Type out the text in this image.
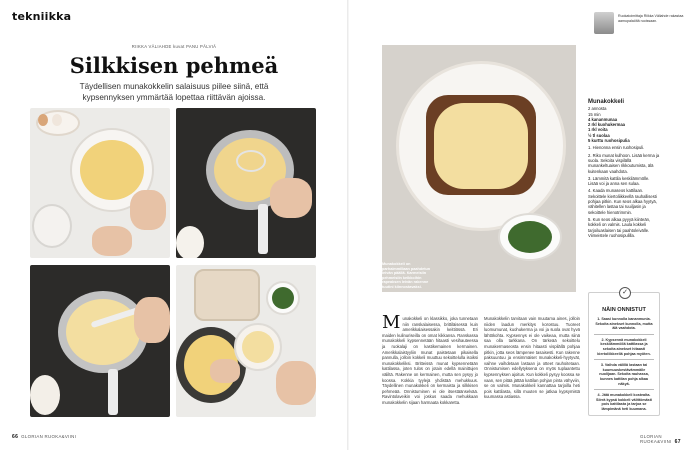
tekniikka
RIIKKA VÄLIAHDE kuvat PANU PÄLVIÄ
Silkkisen pehmeä
Täydellisen munakokkelin salaisuus piilee siinä, että kypsennyksen ymmärtää lopettaa riittävän ajoissa.
66 GLORIAN RUOKA&VIINI
Ruokatoimittaja Riikka Väliahde rakastaa aamupalaöltä ruoissaan.
Munakokkeli on parhaimmillaan paahdetun leivän päällä. Karmeisiin pehmeisiin keikkoihin rapeaksen leivän rakenne tuutini kiinnostavaksi.
Munakokkeli
2 annosta
15 min
4 kananmunaa
2 rkl kuohukermaa
1 rkl voita
½ tl suolaa
5 kurttu ruohosipulia
1. Hienonna ensin ruohosipuli.
2. Riko munat kulhoon. Lisää kerma ja suola. Sekoita vispilällä munankeltuaisen rikkoutumista, älä kuitenkaan vaahdota.
3. Lämmitä kattila keskilämmölle. Lisää voi ja anna sen sulaa.
4. Kaada munaseos kattilaan. Sekoittele kiertoliikkeellä rauhallisesti pohjaa pitkin. Kun seos alkaa hyytyä, vähitellen lastaa tai ruuiljasin ja sekoittele hienotrimmin.
5. Kun seos alkaa pyyyä kiinteän, kokkeli on valmis. Laula kokkeli tarjoiluaslaisen tai paahtoleivälle. Viimeistele ruohosipulilla.
✓
NÄIN ONNISTUT
1. Saasi kunnolla kananmunia. Sekoita ainekset kunnolla, mutta älä vaahdota.
2. Kypsennä munakokkeli keskilämmöllä kattilassa ja sekoita ainekset hitaasti kiertoliikkeellä pohjaa myöten.
3. Vaihda välillä lastaan tai kuumuuskestävämmälle nuolijaan. Sekoita rauhassa, kunnes kattilan pohja alkaa näkyä.
4. Jätä munakokkeli kostealta. Siirrä kypsä kokkeli välittömästi pois kattilasta ja tarjoa se lämpimänä heti kuumana.
Munakokkeli on klassikko, joka tunnetaan niin ranskalaisessa, brittiläisessä kuin amerikkalaisessakin keittiössä. Eri maiden kulinuriseilla on omat kikkansa. Ranskassa munakokkeli kypsennetään hitaasti vesihauteessa ja ruokalaji on kastikemainen kermainen. Amerikkalaistyyliin munat paistetaan pikaisella pannulla, jolloin kokkeli muuttuu sekoittelulla isoiksi munakokkeliksi. Britteissä munat kypsennetään kattilassa, joten tulos on jotain edellä mainittujen väliltä. Rakenne on kermainen, mutta sen pysyy jo koossa. Kokkia tyylejä yhdistää mehukkuus. Täydellinen munakokkeli on kermaista ja silkkisen pehmeää. Onnistuminen ei ole itsestäänselvää. Ravintolaveikin voi joskus saada mehukkaan munakokkelin sijaan harmaata kokkaretta.
Munakokkelin tarvitaan vain muutama aines, jolloin niiden laadun merkitys korostuu. Tuoreet luomumunat, kuohukerma ja voi ja suola ovat hyvä lähtökohta. Kypsennys ei ole vaikeaa, mutta siinä saa olla tarkkana. On tärkeää sekoittelu munakermaseosta ensin hitaasti vispilällä pohjaa pitkin, jotta seos lämpenee tasaisesti. Kun rakenne paksuuntuu ja ensimmäiset munakokkeli-hyytyvät, vaihne vaihdetaan lastaan ja otteet rauhoitetaan. Onnistumisen edellytyksenä on myös tuplaantettu kypsennyksen ajoitus. Kun kokkeli pysyy koossa se vaan, sen pitää jättää kattilan pohjan pinta vähyviin, se on valmis. Munakokkeli kannattaa tarjoilla heti pois kattilasta, sillä muuten se jatkaa kypsymistä kuumassa astiassa.
GLORIAN RUOKA&VIINI 67
